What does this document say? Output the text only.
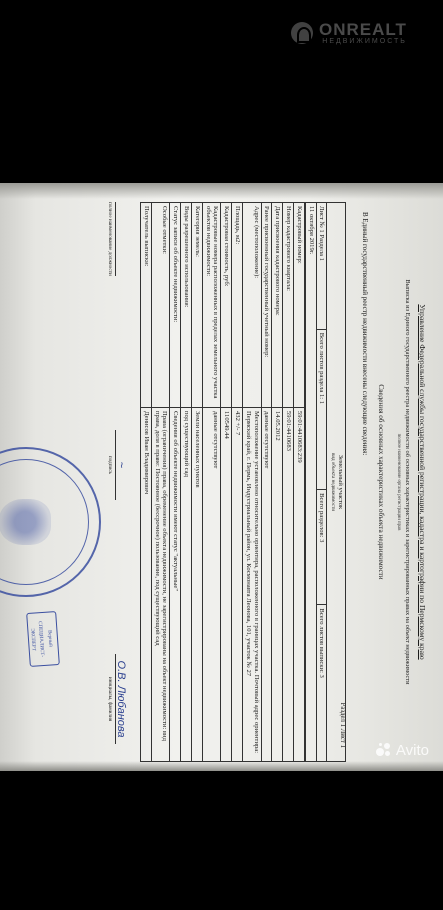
ONREALT
НЕДВИЖИМОСТЬ
Управление Федеральной службы государственной регистрации, кадастра и картографии по Пермскому краю
Выписка из Единого государственного реестра недвижимости об основных характеристиках и зарегистрированных правах на объект недвижимости
полное наименование органа регистрации прав
Сведения об основных характеристиках объекта недвижимости
Раздел 1 Лист 1
В Единый государственный реестр недвижимости внесены следующие сведения:
Земельный участок
вид объекта недвижимости

Лист № 1 Раздела 1	Всего листов раздела 1: 1	Всего разделов: 3	Всего листов выписки: 3
11 октября 2019г.
Кадастровый номер:	59:01:4410683:239
Номер кадастрового квартала:	59:01:4410683
Дата присвоения кадастрового номера:	14.05.2012
Ранее присвоенный государственный учетный номер:	данные отсутствуют
Адрес (местоположение):	Местоположение установлено относительно ориентира, расположенного в границах участка. Почтовый адрес ориентира: Пермский край, г. Пермь, Индустриальный район, ул. Космонавта Леонова, 101, участок № 27
Площадь, м2:	432 +/- 7
Кадастровая стоимость, руб:	110549.44
Кадастровые номера расположенных в пределах земельного участка объектов недвижимости:	данные отсутствуют
Категория земель:	Земли населенных пунктов
Виды разрешенного использования:	под существующий сад
Статус записи об объекте недвижимости:	Сведения об объекте недвижимости имеют статус "актуальные"
Особые отметки:	Права (ограничения) права, обременение объекта недвижимости, не зарегистрированы на объект недвижимости: вид права, доля в праве: Постоянное (бессрочное) пользование, под существующий сад
Получатель выписки:	Денисов Иван Владимирович
полное наименование должности
~
подпись
О.В. Любанова
инициалы, фамилия
Верный СПЕЦИАЛИСТ-ЭКСПЕРТ
Avito
